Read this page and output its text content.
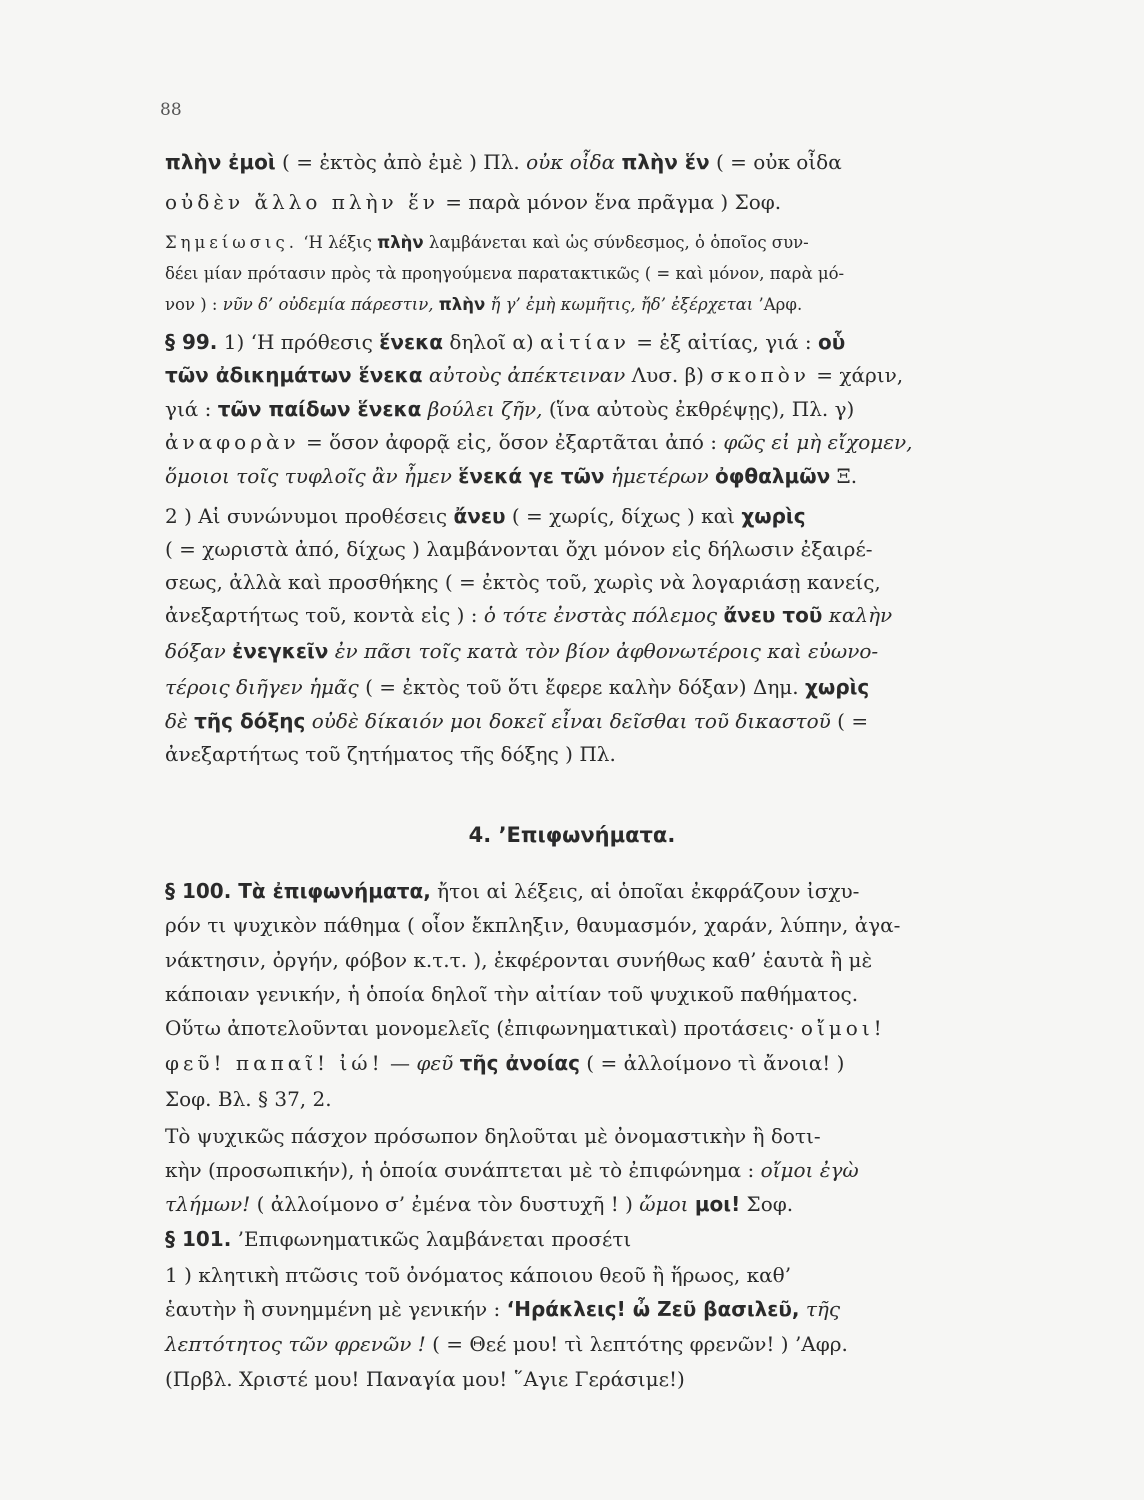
88
πλὴν ἐμοὶ ( = ἐκτὸς ἀπὸ ἐμὲ ) Πλ. οὐκ οἶδα πλὴν ἕν ( = οὐκ οἶδα
οὐδὲν ἄλλο πλὴν ἕν = παρὰ μόνον ἕνα πρᾶγμα ) Σοφ.
Σημείωσις. ‘Η λέξις πλὴν λαμβάνεται καὶ ὡς σύνδεσμος, ὁ ὁποῖος συν-
δέει μίαν πρότασιν πρὸς τὰ προηγούμενα παρατακτικῶς ( = καὶ μόνον, παρὰ μό-
νον ) : νῦν δ’ οὐδεμία πάρεστιν, πλὴν ἤ γ’ ἐμὴ κωμῆτις, ἤδ’ ἐξέρχεται ’Αρφ.
§ 99. 1) ‘Η πρόθεσις ἕνεκα δηλοῖ α) αἰτίαν = ἐξ αἰτίας, γιά : οὗ
τῶν ἀδικημάτων ἕνεκα αὐτοὺς ἀπέκτειναν Λυσ. β) σκοπὸν = χάριν,
γιά : τῶν παίδων ἕνεκα βούλει ζῆν, (ἵνα αὐτοὺς ἐκθρέψῃς), Πλ. γ)
ἀναφορὰν = ὅσον ἀφορᾷ εἰς, ὅσον ἐξαρτᾶται ἀπό : φῶς εἰ μὴ εἴχομεν,
ὅμοιοι τοῖς τυφλοῖς ἂν ἦμεν ἕνεκά γε τῶν ἡμετέρων ὀφθαλμῶν Ξ.
2 ) Αἱ συνώνυμοι προθέσεις ἄνευ ( = χωρίς, δίχως ) καὶ χωρὶς
( = χωριστὰ ἀπό, δίχως ) λαμβάνονται ὄχι μόνον εἰς δήλωσιν ἐξαιρέ-
σεως, ἀλλὰ καὶ προσθήκης ( = ἐκτὸς τοῦ, χωρὶς νὰ λογαριάσῃ κανείς,
ἀνεξαρτήτως τοῦ, κοντὰ εἰς ) : ὁ τότε ἐνστὰς πόλεμος ἄνευ τοῦ καλὴν
δόξαν ἐνεγκεῖν ἐν πᾶσι τοῖς κατὰ τὸν βίον ἀφθονωτέροις καὶ εὐωνο-
τέροις διῆγεν ἡμᾶς ( = ἐκτὸς τοῦ ὅτι ἔφερε καλὴν δόξαν) Δημ. χωρὶς
δὲ τῆς δόξης οὐδὲ δίκαιόν μοι δοκεῖ εἶναι δεῖσθαι τοῦ δικαστοῦ ( =
ἀνεξαρτήτως τοῦ ζητήματος τῆς δόξης ) Πλ.
4. ’Επιφωνήματα.
§ 100. Τὰ ἐπιφωνήματα, ἤτοι αἱ λέξεις, αἱ ὁποῖαι ἐκφράζουν ἰσχυ-
ρόν τι ψυχικὸν πάθημα ( οἷον ἔκπληξιν, θαυμασμόν, χαράν, λύπην, ἀγα-
νάκτησιν, ὀργήν, φόβον κ.τ.τ. ), ἐκφέρονται συνήθως καθ’ ἑαυτὰ ἢ μὲ
κάποιαν γενικήν, ἡ ὁποία δηλοῖ τὴν αἰτίαν τοῦ ψυχικοῦ παθήματος.
Οὕτω ἀποτελοῦνται μονομελεῖς (ἐπιφωνηματικαὶ) προτάσεις· οἴμοι!
φεῦ! παπαῖ! ἰώ! — φεῦ τῆς ἀνοίας ( = ἀλλοίμονο τὶ ἄνοια! )
Σοφ. Βλ. § 37, 2.
Τὸ ψυχικῶς πάσχον πρόσωπον δηλοῦται μὲ ὀνομαστικὴν ἢ δοτι-
κὴν (προσωπικήν), ἡ ὁποία συνάπτεται μὲ τὸ ἐπιφώνημα : οἴμοι ἐγὼ
τλήμων! ( ἀλλοίμονο σ’ ἐμένα τὸν δυστυχῆ ! ) ὤμοι μοι! Σοφ.
§ 101. ’Επιφωνηματικῶς λαμβάνεται προσέτι
1 ) κλητικὴ πτῶσις τοῦ ὀνόματος κάποιου θεοῦ ἢ ἥρωος, καθ’
ἑαυτὴν ἢ συνημμένη μὲ γενικήν : ‘Ηράκλεις! ὦ Ζεῦ βασιλεῦ, τῆς
λεπτότητος τῶν φρενῶν ! ( = Θεέ μου! τὶ λεπτότης φρενῶν! ) ’Αφρ.
(Πρβλ. Χριστέ μου! Παναγία μου! ῞Αγιε Γεράσιμε!)
